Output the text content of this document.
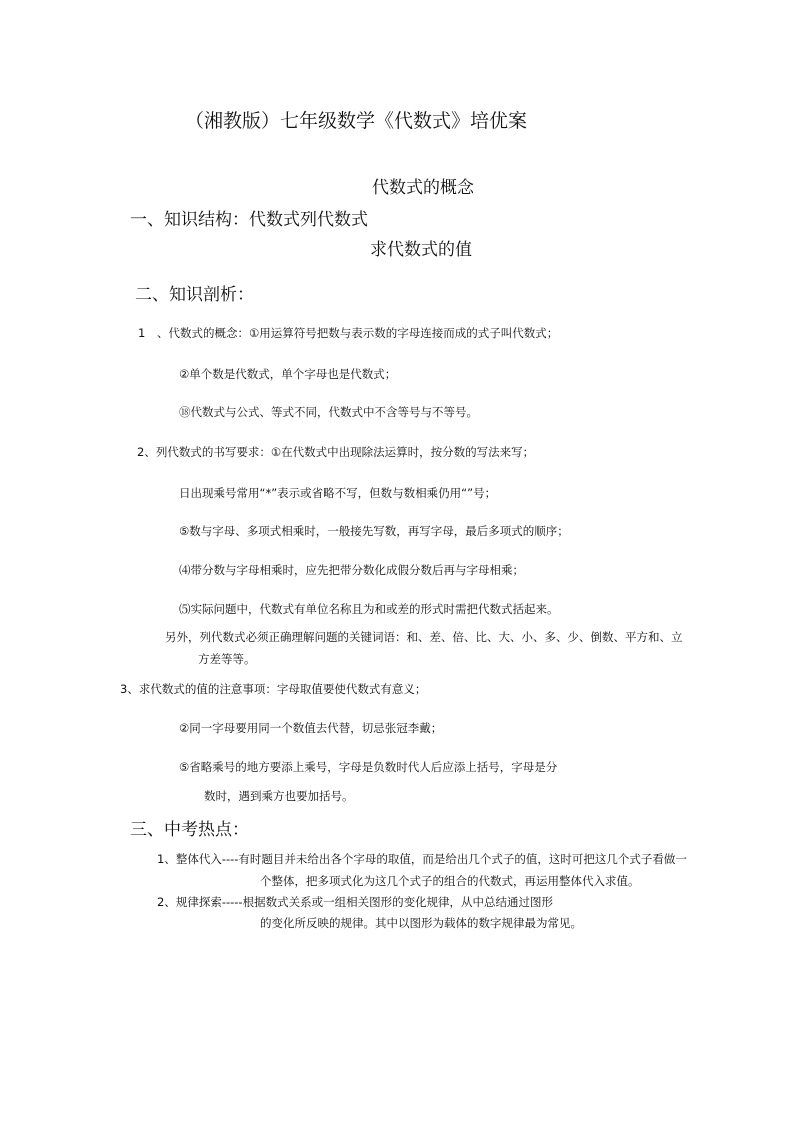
（湘教版）七年级数学《代数式》培优案
代数式的概念
一、知识结构：代数式列代数式
求代数式的值
二、知识剖析：
1 、代数式的概念：①用运算符号把数与表示数的字母连接而成的式子叫代数式；
②单个数是代数式，单个字母也是代数式；
⑱代数式与公式、等式不同，代数式中不含等号与不等号。
2、列代数式的书写要求：①在代数式中出现除法运算时，按分数的写法来写；
日出现乘号常用“*”表示或省略不写，但数与数相乘仍用“”号；
⑤数与字母、多项式相乘时，一般接先写数，再写字母，最后多项式的顺序；
⑷带分数与字母相乘时，应先把带分数化成假分数后再与字母相乘；
⑸实际问题中，代数式有单位名称且为和或差的形式时需把代数式括起来。
另外，列代数式必须正确理解问题的关键词语：和、差、倍、比、大、小、多、少、倒数、平方和、立
方差等等。
3、求代数式的值的注意事项：字母取值要使代数式有意义；
②同一字母要用同一个数值去代替，切忌张冠李戴；
⑤省略乘号的地方要添上乘号，字母是负数时代人后应添上括号，字母是分
数时，遇到乘方也要加括号。
三、中考热点：
1、整体代入----有时题目并未给出各个字母的取值，而是给出几个式子的值，这时可把这几个式子看做一
个整体，把多项式化为这几个式子的组合的代数式，再运用整体代入求值。
2、规律探索-----根据数式关系或一组相关图形的变化规律，从中总结通过图形
的变化所反映的规律。其中以图形为载体的数字规律最为常见。
